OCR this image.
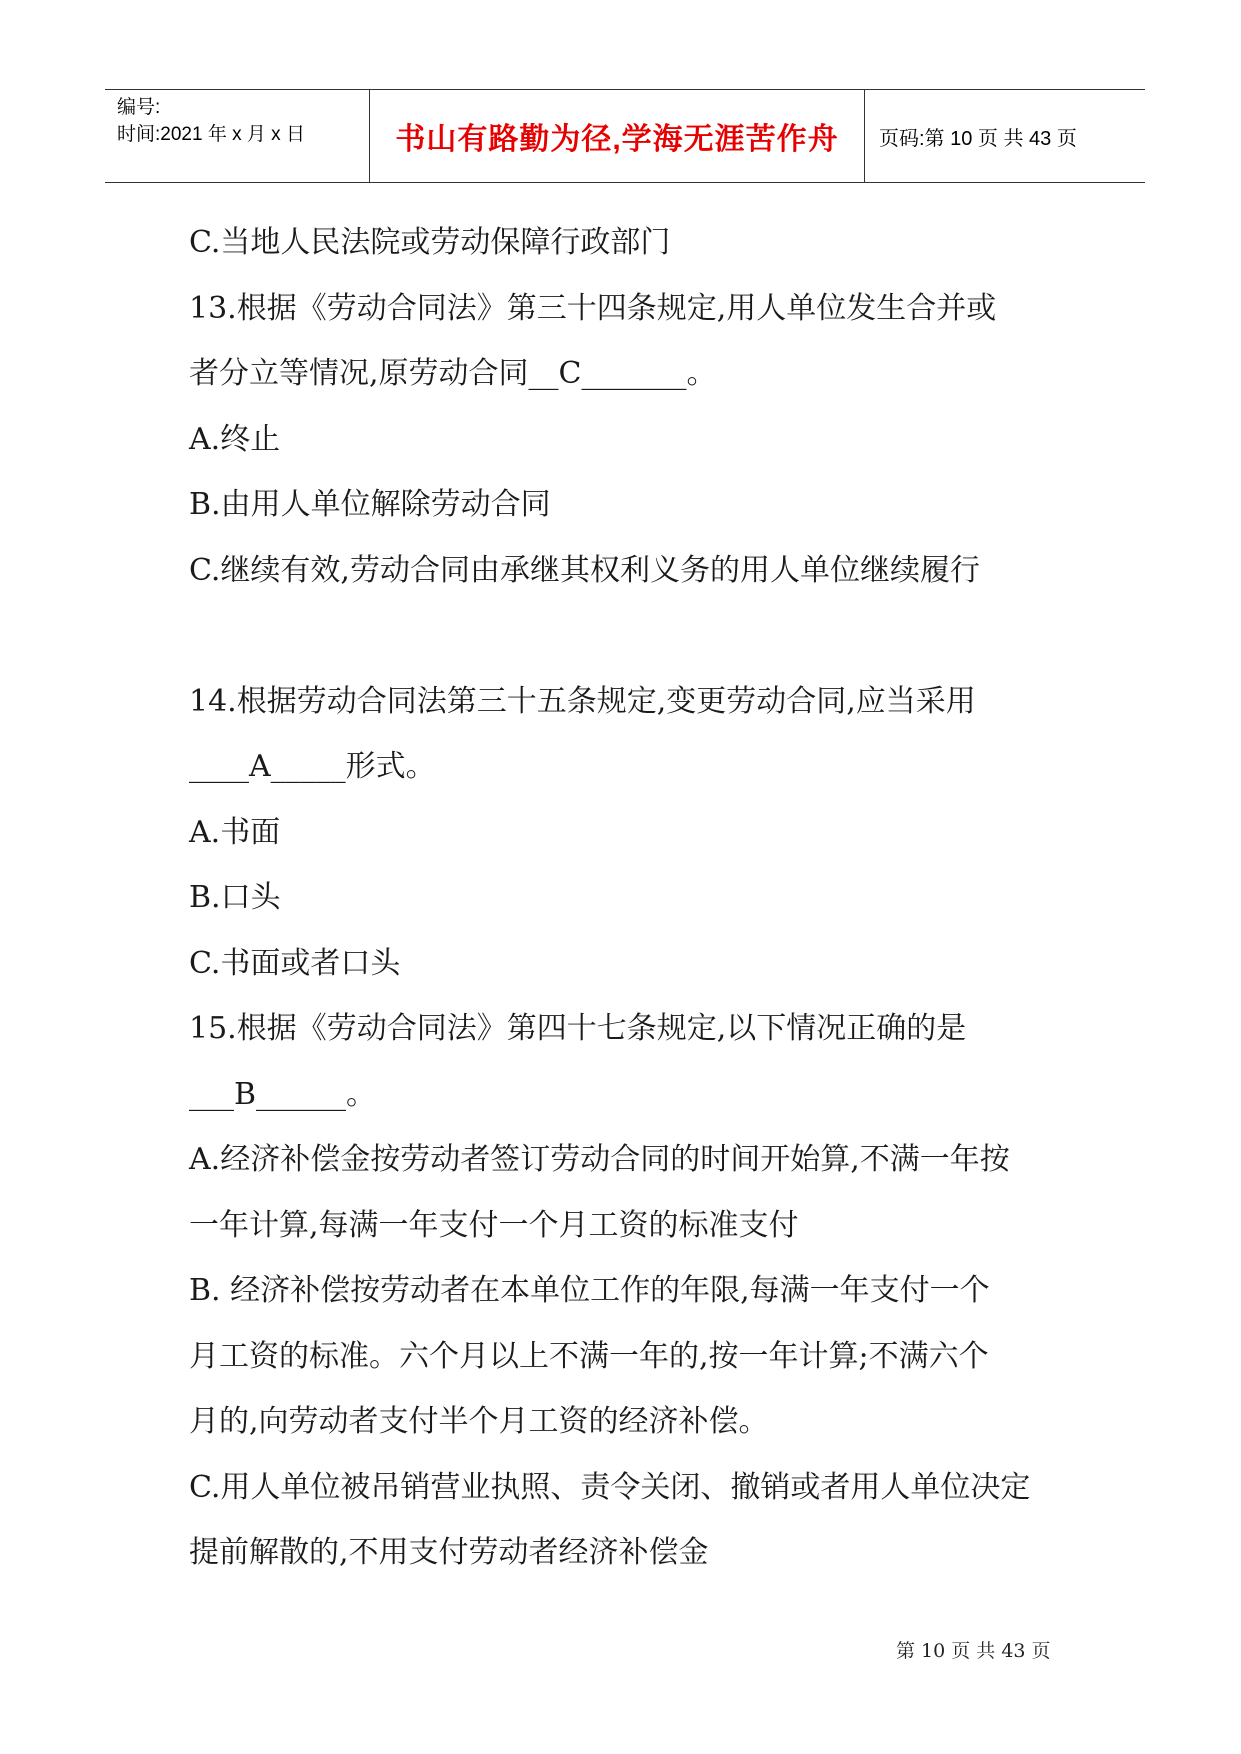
编号:
时间:2021 年 x 月 x 日	书山有路勤为径,学海无涯苦作舟	页码:第 10 页 共 43 页

C.当地人民法院或劳动保障行政部门

13.根据《劳动合同法》第三十四条规定,用人单位发生合并或

者分立等情况,原劳动合同__C_______。

A.终止

B.由用人单位解除劳动合同

C.继续有效,劳动合同由承继其权利义务的用人单位继续履行

14.根据劳动合同法第三十五条规定,变更劳动合同,应当采用

____A_____形式。

A.书面

B.口头

C.书面或者口头

15.根据《劳动合同法》第四十七条规定,以下情况正确的是

___B______。

A.经济补偿金按劳动者签订劳动合同的时间开始算,不满一年按

一年计算,每满一年支付一个月工资的标准支付

B. 经济补偿按劳动者在本单位工作的年限,每满一年支付一个

月工资的标准。六个月以上不满一年的,按一年计算;不满六个

月的,向劳动者支付半个月工资的经济补偿。

C.用人单位被吊销营业执照、责令关闭、撤销或者用人单位决定

提前解散的,不用支付劳动者经济补偿金

第 10 页 共 43 页
